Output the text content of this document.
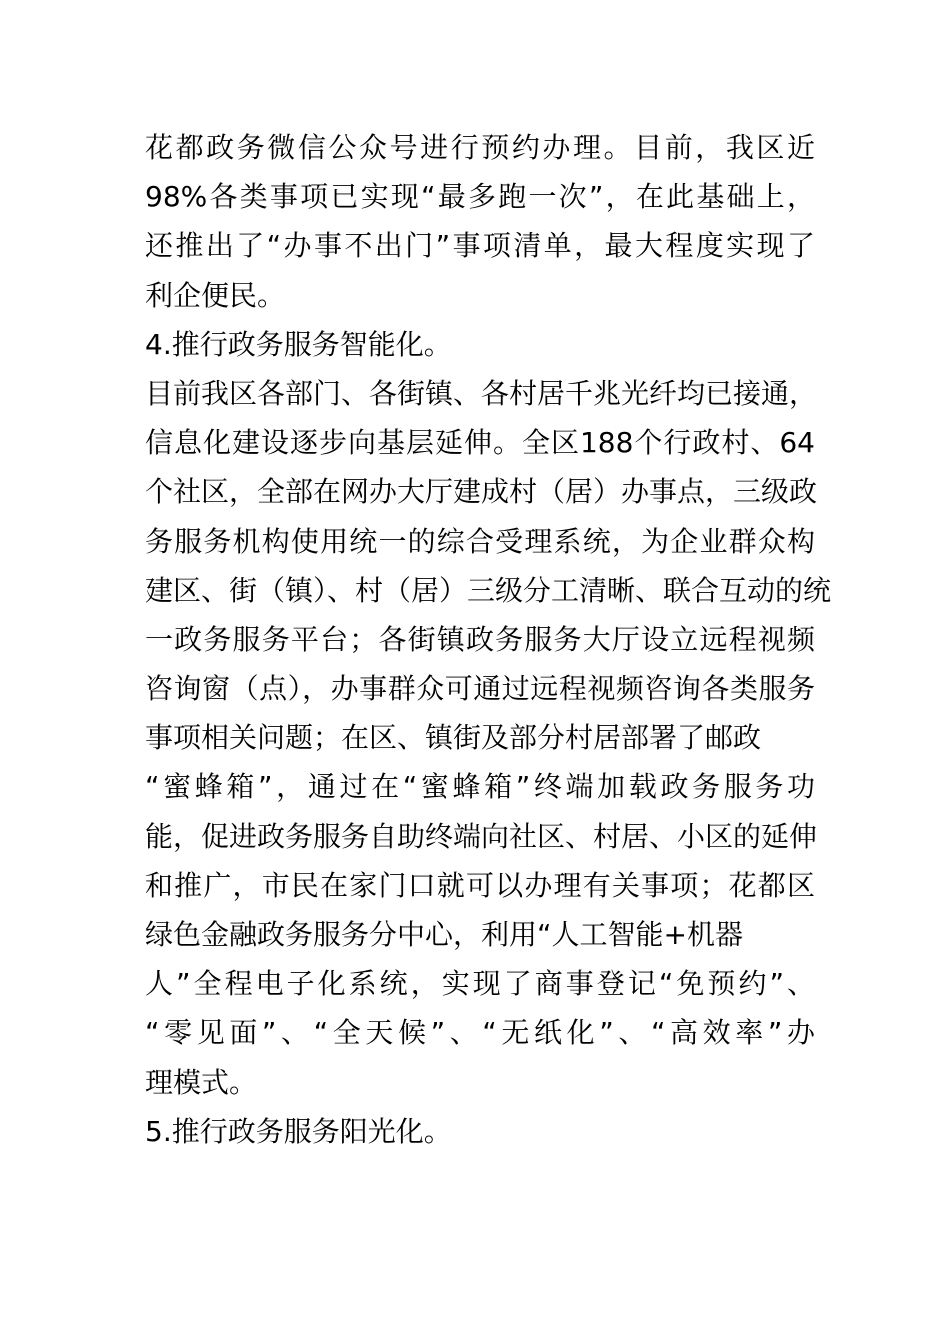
花都政务微信公众号进行预约办理。目前，我区近
98%各类事项已实现“最多跑一次”，在此基础上，
还推出了“办事不出门”事项清单，最大程度实现了
利企便民。
4.推行政务服务智能化。
目前我区各部门、各街镇、各村居千兆光纤均已接通，
信息化建设逐步向基层延伸。全区188个行政村、64
个社区，全部在网办大厅建成村（居）办事点，三级政
务服务机构使用统一的综合受理系统，为企业群众构
建区、街（镇）、村（居）三级分工清晰、联合互动的统
一政务服务平台；各街镇政务服务大厅设立远程视频
咨询窗（点），办事群众可通过远程视频咨询各类服务
事项相关问题；在区、镇街及部分村居部署了邮政
“蜜蜂箱”，通过在“蜜蜂箱”终端加载政务服务功
能，促进政务服务自助终端向社区、村居、小区的延伸
和推广，市民在家门口就可以办理有关事项；花都区
绿色金融政务服务分中心，利用“人工智能+机器
人”全程电子化系统，实现了商事登记“免预约”、
“零见面”、“全天候”、“无纸化”、“高效率”办
理模式。
5.推行政务服务阳光化。
